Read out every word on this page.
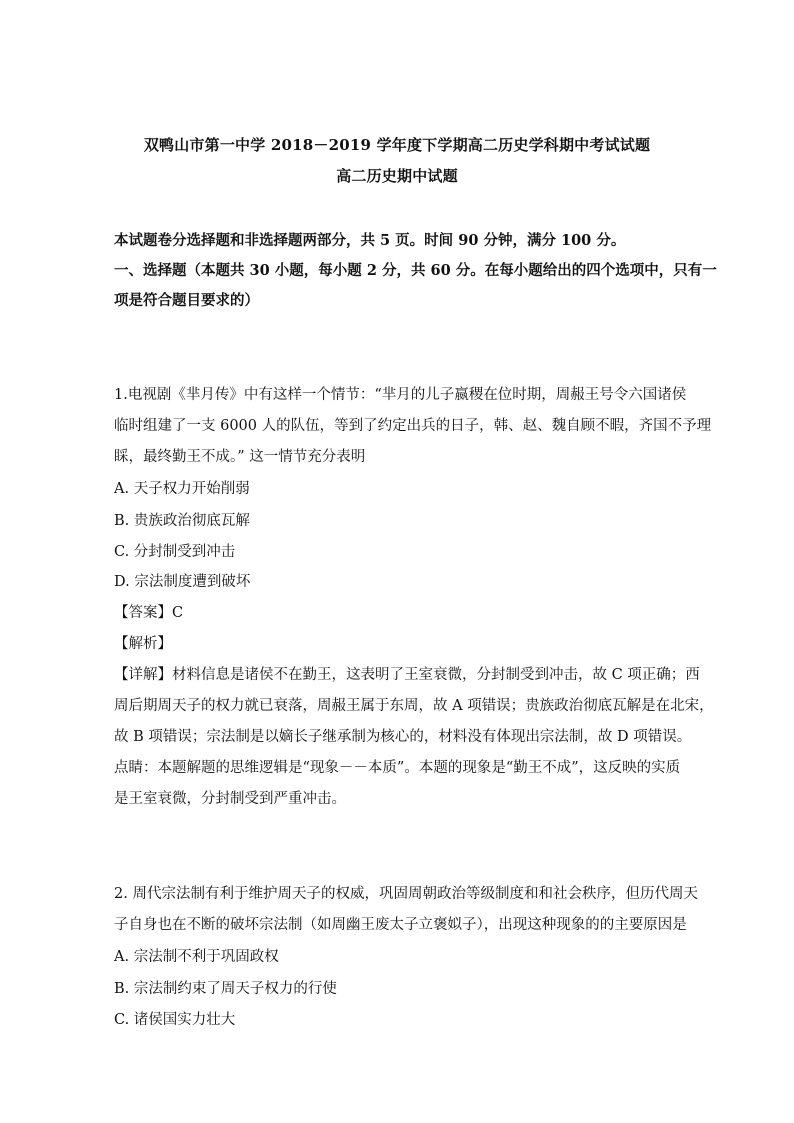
双鸭山市第一中学 2018－2019 学年度下学期高二历史学科期中考试试题
高二历史期中试题
本试题卷分选择题和非选择题两部分，共 5 页。时间 90 分钟，满分 100 分。
一、选择题（本题共 30 小题，每小题 2 分，共 60 分。在每小题给出的四个选项中，只有一
项是符合题目要求的）
1.电视剧《芈月传》中有这样一个情节：“芈月的儿子嬴稷在位时期，周赧王号令六国诸侯
临时组建了一支 6000 人的队伍，等到了约定出兵的日子，韩、赵、魏自顾不暇，齐国不予理
睬，最终勤王不成。” 这一情节充分表明
A. 天子权力开始削弱
B. 贵族政治彻底瓦解
C. 分封制受到冲击
D. 宗法制度遭到破坏
【答案】C
【解析】
【详解】材料信息是诸侯不在勤王，这表明了王室衰微，分封制受到冲击，故 C 项正确；西
周后期周天子的权力就已衰落，周赧王属于东周，故 A 项错误；贵族政治彻底瓦解是在北宋，
故 B 项错误；宗法制是以嫡长子继承制为核心的，材料没有体现出宗法制，故 D 项错误。
点睛：本题解题的思维逻辑是“现象－－本质”。本题的现象是“勤王不成”，这反映的实质
是王室衰微，分封制受到严重冲击。
2. 周代宗法制有利于维护周天子的权威，巩固周朝政治等级制度和和社会秩序，但历代周天
子自身也在不断的破坏宗法制（如周幽王废太子立褒姒子），出现这种现象的的主要原因是
A. 宗法制不利于巩固政权
B. 宗法制约束了周天子权力的行使
C. 诸侯国实力壮大
